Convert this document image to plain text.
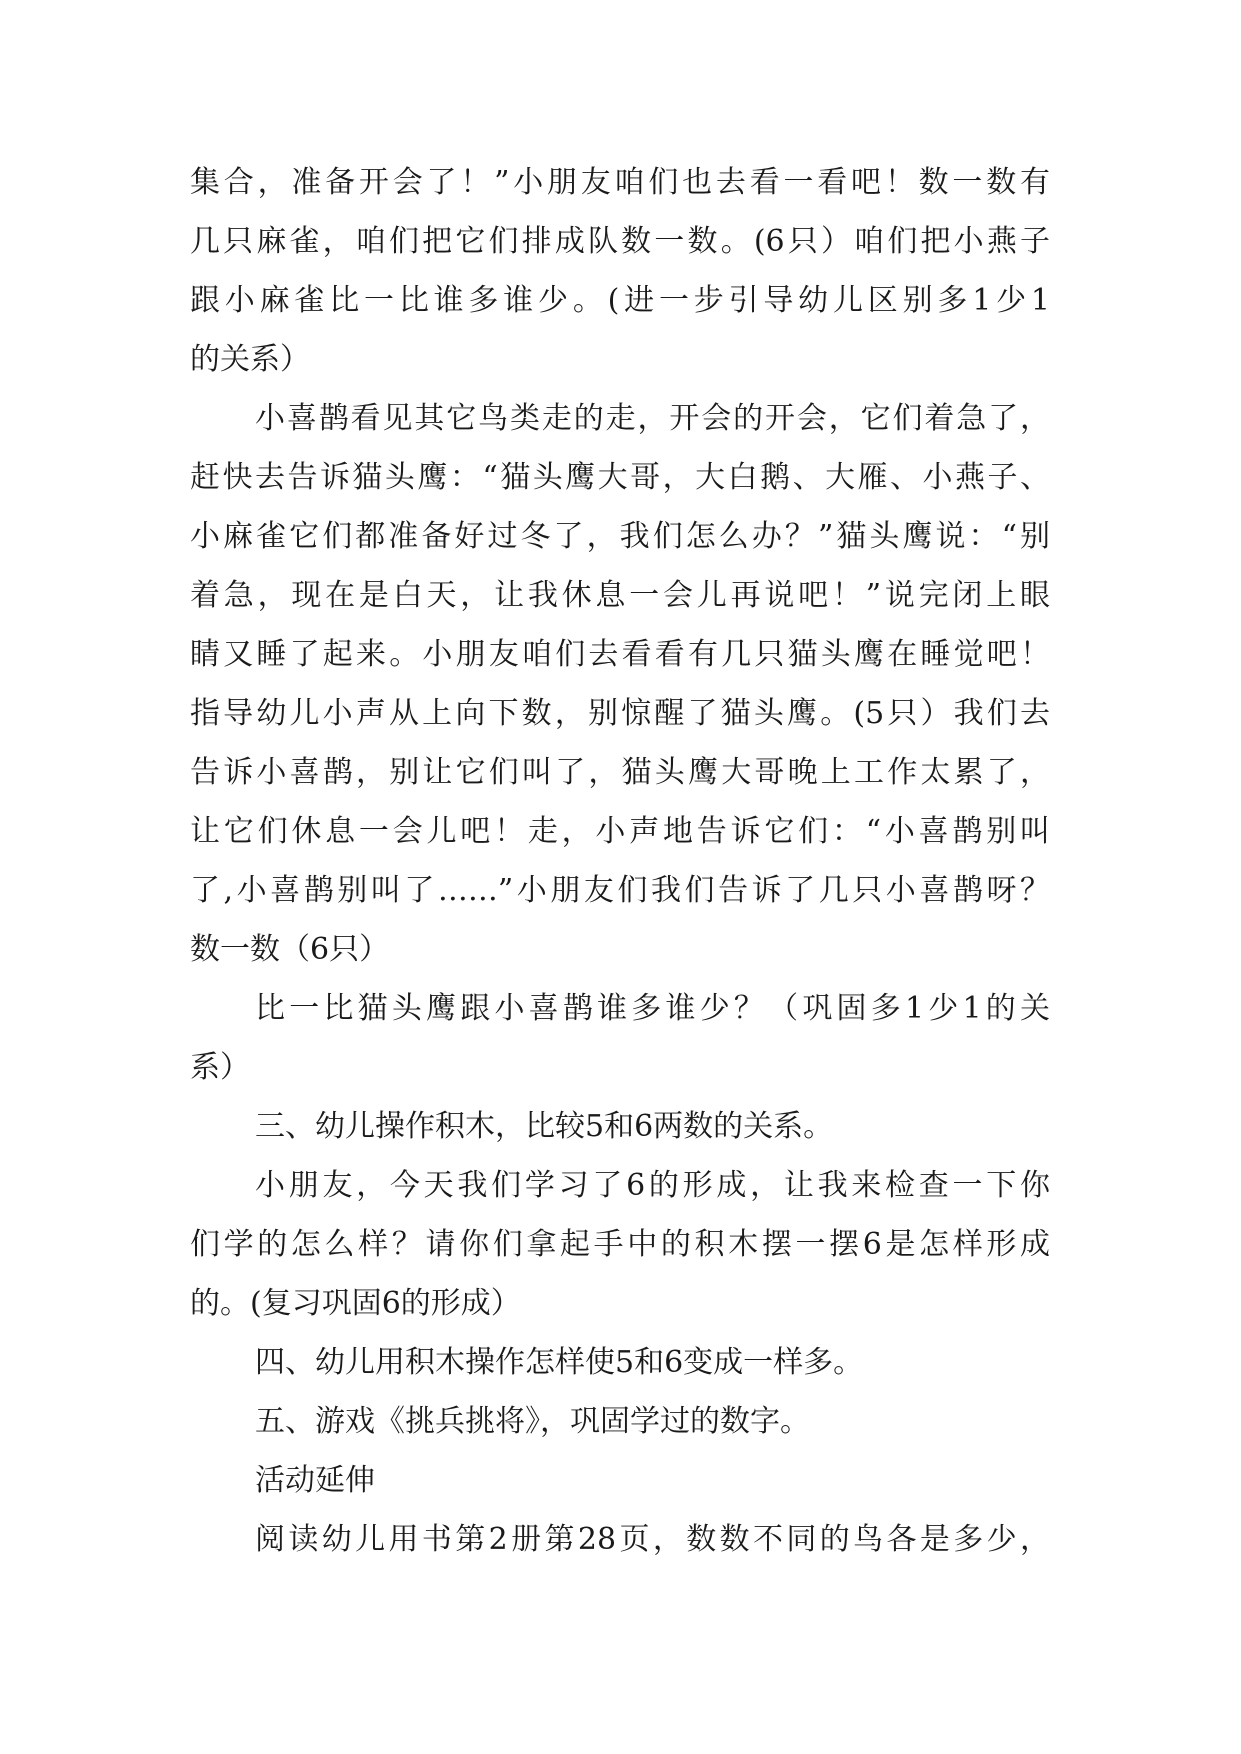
集合，准备开会了！”小朋友咱们也去看一看吧！数一数有
几只麻雀，咱们把它们排成队数一数。(6只）咱们把小燕子
跟小麻雀比一比谁多谁少。(进一步引导幼儿区别多1少1
的关系）
小喜鹊看见其它鸟类走的走，开会的开会，它们着急了，
赶快去告诉猫头鹰：“猫头鹰大哥，大白鹅、大雁、小燕子、
小麻雀它们都准备好过冬了，我们怎么办？”猫头鹰说：“别
着急，现在是白天，让我休息一会儿再说吧！”说完闭上眼
睛又睡了起来。小朋友咱们去看看有几只猫头鹰在睡觉吧！
指导幼儿小声从上向下数，别惊醒了猫头鹰。(5只）我们去
告诉小喜鹊，别让它们叫了，猫头鹰大哥晚上工作太累了，
让它们休息一会儿吧！走，小声地告诉它们：“小喜鹊别叫
了,小喜鹊别叫了……”小朋友们我们告诉了几只小喜鹊呀？
数一数（6只）
比一比猫头鹰跟小喜鹊谁多谁少？（巩固多1少1的关
系）
三、幼儿操作积木，比较5和6两数的关系。
小朋友，今天我们学习了6的形成，让我来检查一下你
们学的怎么样？请你们拿起手中的积木摆一摆6是怎样形成
的。(复习巩固6的形成）
四、幼儿用积木操作怎样使5和6变成一样多。
五、游戏《挑兵挑将》，巩固学过的数字。
活动延伸
阅读幼儿用书第2册第28页，数数不同的鸟各是多少，
